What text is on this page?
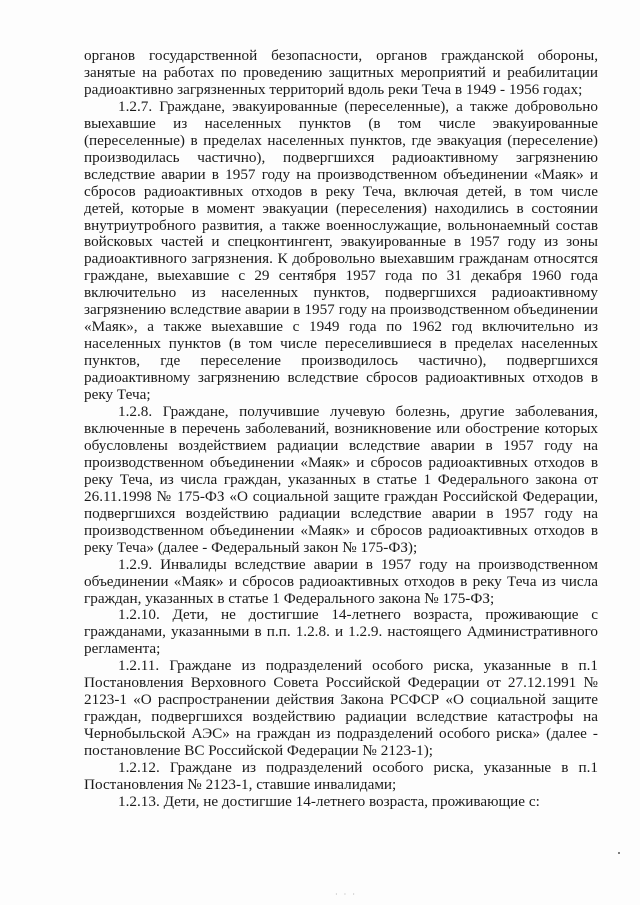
органов государственной безопасности, органов гражданской обороны, занятые на работах по проведению защитных мероприятий и реабилитации радиоактивно загрязненных территорий вдоль реки Теча в 1949 - 1956 годах;

1.2.7. Граждане, эвакуированные (переселенные), а также добровольно выехавшие из населенных пунктов (в том числе эвакуированные (переселенные) в пределах населенных пунктов, где эвакуация (переселение) производилась частично), подвергшихся радиоактивному загрязнению вследствие аварии в 1957 году на производственном объединении «Маяк» и сбросов радиоактивных отходов в реку Теча, включая детей, в том числе детей, которые в момент эвакуации (переселения) находились в состоянии внутриутробного развития, а также военнослужащие, вольнонаемный состав войсковых частей и спецконтингент, эвакуированные в 1957 году из зоны радиоактивного загрязнения. К добровольно выехавшим гражданам относятся граждане, выехавшие с 29 сентября 1957 года по 31 декабря 1960 года включительно из населенных пунктов, подвергшихся радиоактивному загрязнению вследствие аварии в 1957 году на производственном объединении «Маяк», а также выехавшие с 1949 года по 1962 год включительно из населенных пунктов (в том числе переселившиеся в пределах населенных пунктов, где переселение производилось частично), подвергшихся радиоактивному загрязнению вследствие сбросов радиоактивных отходов в реку Теча;

1.2.8. Граждане, получившие лучевую болезнь, другие заболевания, включенные в перечень заболеваний, возникновение или обострение которых обусловлены воздействием радиации вследствие аварии в 1957 году на производственном объединении «Маяк» и сбросов радиоактивных отходов в реку Теча, из числа граждан, указанных в статье 1 Федерального закона от 26.11.1998 № 175-ФЗ «О социальной защите граждан Российской Федерации, подвергшихся воздействию радиации вследствие аварии в 1957 году на производственном объединении «Маяк» и сбросов радиоактивных отходов в реку Теча» (далее - Федеральный закон № 175-ФЗ);

1.2.9. Инвалиды вследствие аварии в 1957 году на производственном объединении «Маяк» и сбросов радиоактивных отходов в реку Теча из числа граждан, указанных в статье 1 Федерального закона № 175-ФЗ;

1.2.10. Дети, не достигшие 14-летнего возраста, проживающие с гражданами, указанными в п.п. 1.2.8. и 1.2.9. настоящего Административного регламента;

1.2.11. Граждане из подразделений особого риска, указанные в п.1 Постановления Верховного Совета Российской Федерации от 27.12.1991 № 2123-1 «О распространении действия Закона РСФСР «О социальной защите граждан, подвергшихся воздействию радиации вследствие катастрофы на Чернобыльской АЭС» на граждан из подразделений особого риска» (далее - постановление ВС Российской Федерации № 2123-1);

1.2.12. Граждане из подразделений особого риска, указанные в п.1 Постановления № 2123-1, ставшие инвалидами;

1.2.13. Дети, не достигшие 14-летнего возраста, проживающие с:

· · ·
